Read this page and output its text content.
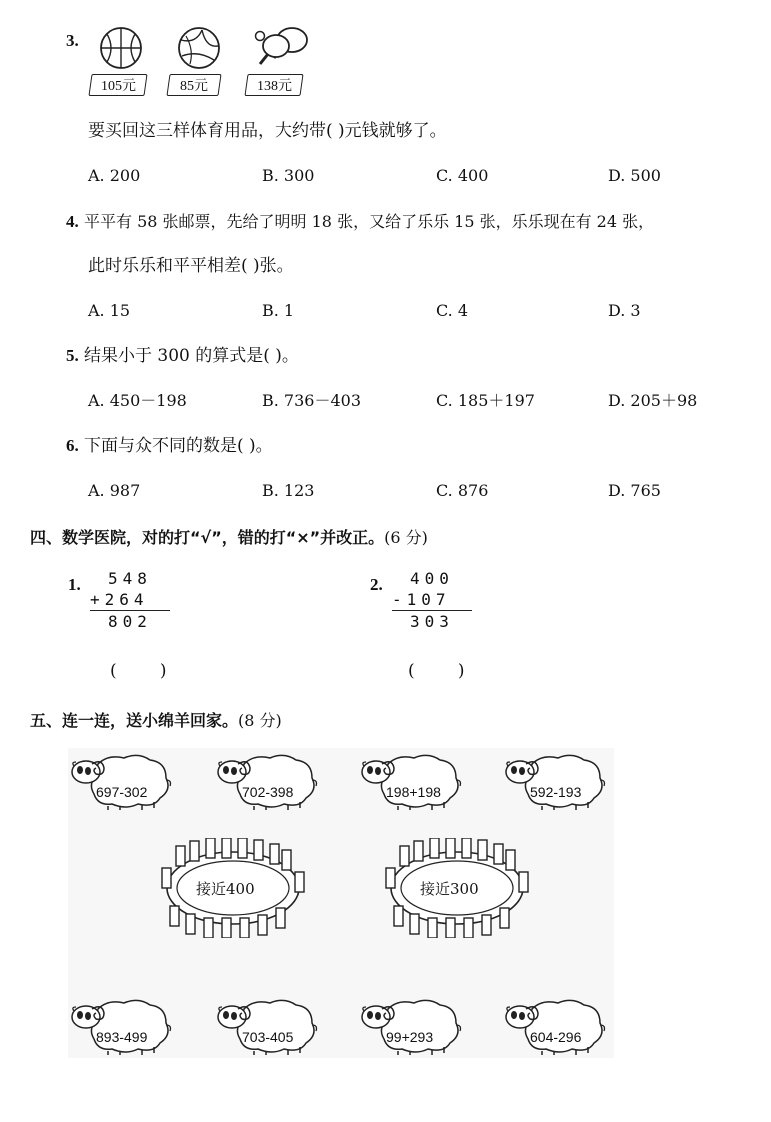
3.
105元	85元	138元
要买回这三样体育用品，大约带( )元钱就够了。
A. 200	B. 300	C. 400	D. 500
4. 平平有 58 张邮票，先给了明明 18 张，又给了乐乐 15 张，乐乐现在有 24 张，
此时乐乐和平平相差( )张。
A. 15	B. 1	C. 4	D. 3
5. 结果小于 300 的算式是( )。
A. 450－198	B. 736－403	C. 185＋197	D. 205＋98
6. 下面与众不同的数是( )。
A. 987	B. 123	C. 876	D. 765
四、数学医院，对的打“√”，错的打“×”并改正。(6 分)
1.	548
+264
802
(        )
2.	400
-107
303
(        )
五、连一连，送小绵羊回家。(8 分)
697-302	702-398	198+198	592-193
893-499	703-405	99+293	604-296
接近400	接近300
